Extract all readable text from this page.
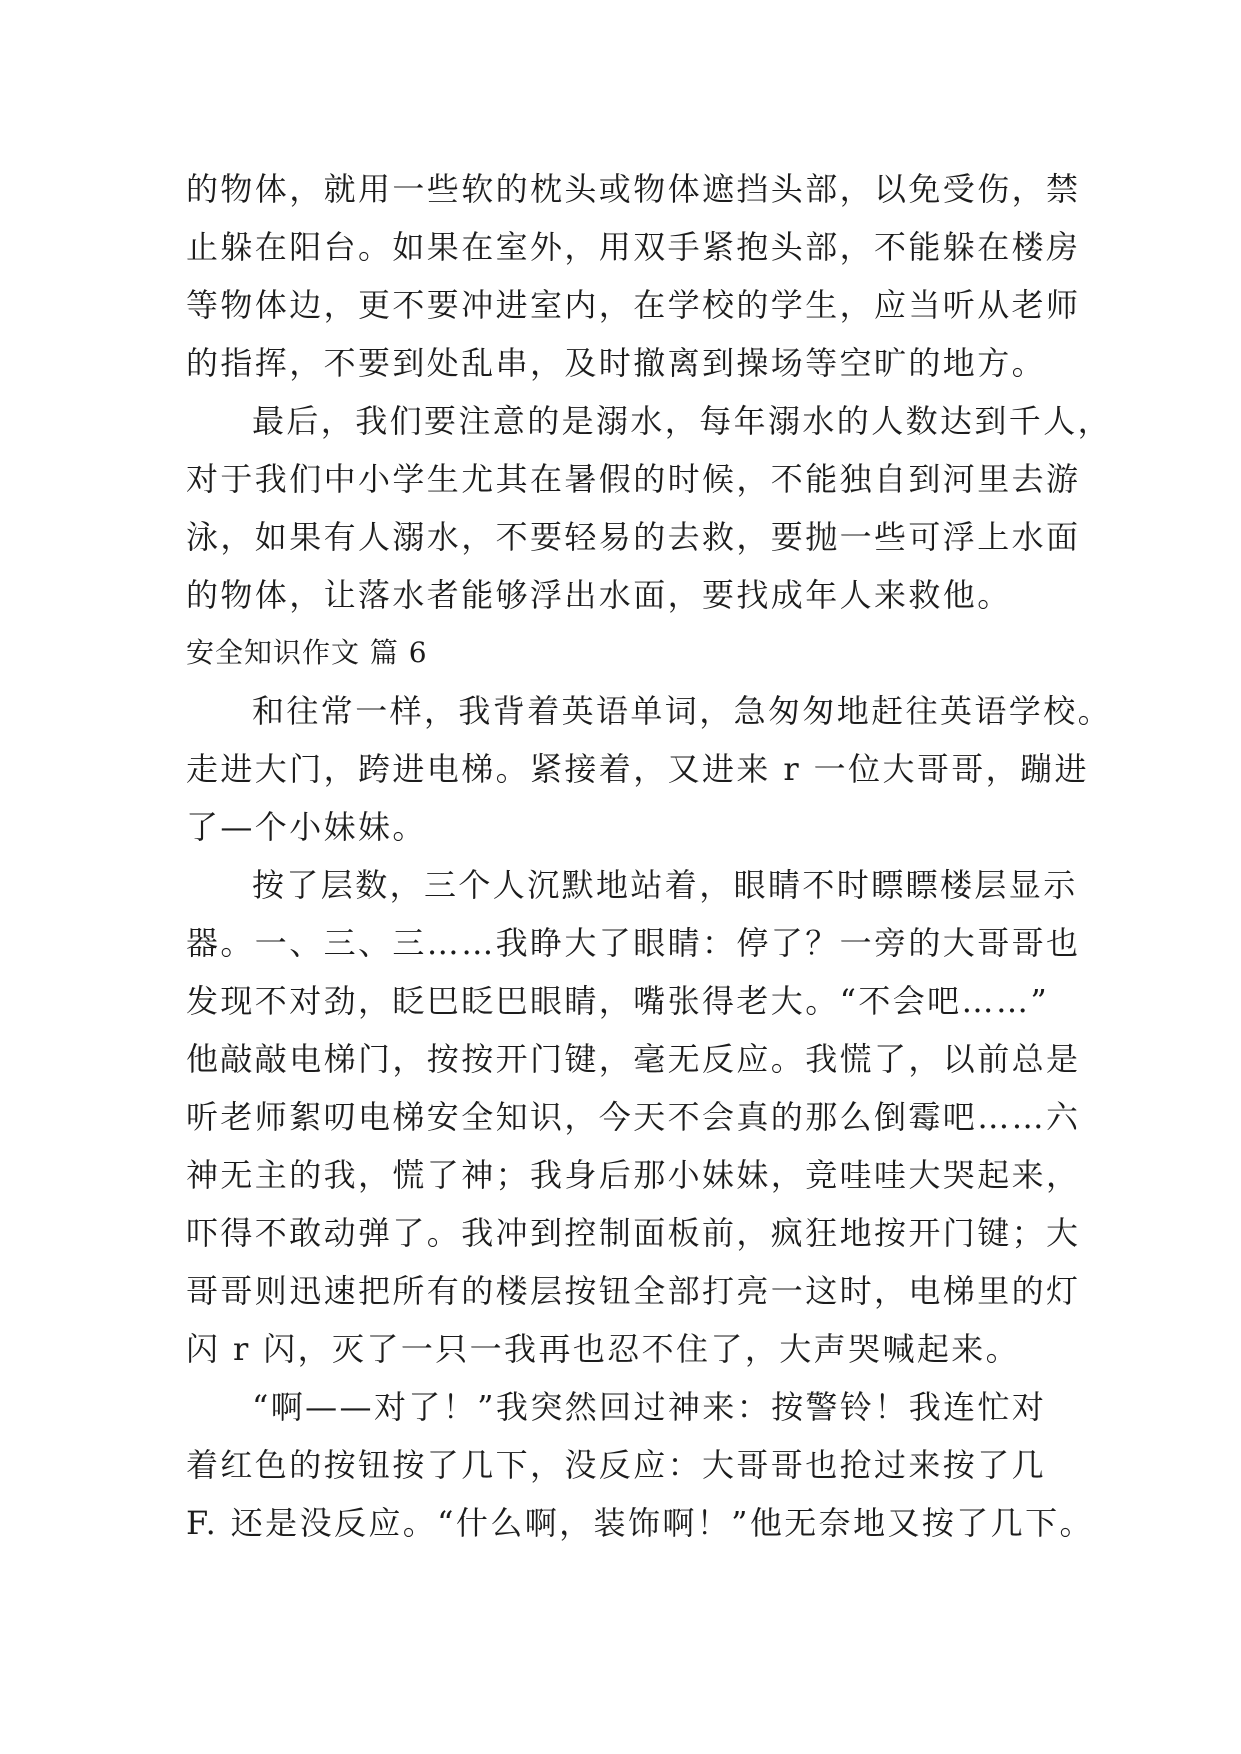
的物体，就用一些软的枕头或物体遮挡头部，以免受伤，禁
止躲在阳台。如果在室外，用双手紧抱头部，不能躲在楼房
等物体边，更不要冲进室内，在学校的学生，应当听从老师
的指挥，不要到处乱串，及时撤离到操场等空旷的地方。
最后，我们要注意的是溺水，每年溺水的人数达到千人，
对于我们中小学生尤其在暑假的时候，不能独自到河里去游
泳，如果有人溺水，不要轻易的去救，要抛一些可浮上水面
的物体，让落水者能够浮出水面，要找成年人来救他。
安全知识作文 篇 6
和往常一样，我背着英语单词，急匆匆地赶往英语学校。
走进大门，跨进电梯。紧接着，又进来 r 一位大哥哥，蹦进
了—个小妹妹。
按了层数，三个人沉默地站着，眼睛不时瞟瞟楼层显示
器。一、三、三……我睁大了眼睛：停了？一旁的大哥哥也
发现不对劲，眨巴眨巴眼睛，嘴张得老大。“不会吧……”
他敲敲电梯门，按按开门键，毫无反应。我慌了，以前总是
听老师絮叨电梯安全知识，今天不会真的那么倒霉吧……六
神无主的我，慌了神；我身后那小妹妹，竞哇哇大哭起来，
吓得不敢动弹了。我冲到控制面板前，疯狂地按开门键；大
哥哥则迅速把所有的楼层按钮全部打亮一这时，电梯里的灯
闪 r 闪，灭了一只一我再也忍不住了，大声哭喊起来。
“啊——对了！”我突然回过神来：按警铃！我连忙对
着红色的按钮按了几下，没反应：大哥哥也抢过来按了几
F. 还是没反应。“什么啊，装饰啊！”他无奈地又按了几下。
